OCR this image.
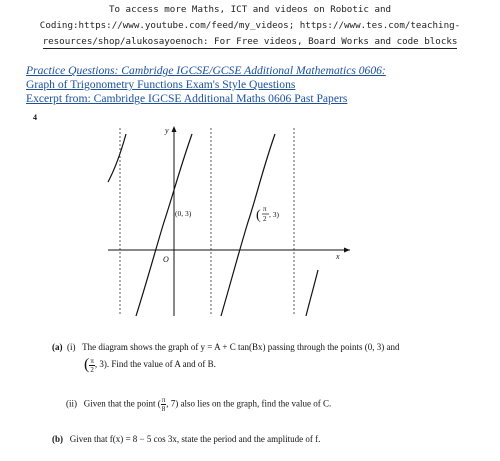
To access more Maths, ICT and videos on Robotic and
Coding:https://www.youtube.com/feed/my_videos; https://www.tes.com/teaching-
resources/shop/alukosayoenoch: For Free videos, Board Works and code blocks
Practice Questions: Cambridge IGCSE/GCSE Additional Mathematics 0606:
Graph of Trigonometry Functions Exam's Style Questions
Excerpt from: Cambridge IGCSE Additional Maths 0606 Past Papers
4
y
x
O
(0, 3)	( π
2 , 3)
(a) (i) The diagram shows the graph of y = A + C tan(Bx) passing through the points (0, 3) and
( $\frac{\pi}{2}$, 3). Find the value of A and of B.
(ii) Given that the point ( $\frac{\pi}{8}$, 7) also lies on the graph, find the value of C.
(b) Given that f(x) = 8 − 5 cos 3x, state the period and the amplitude of f.
